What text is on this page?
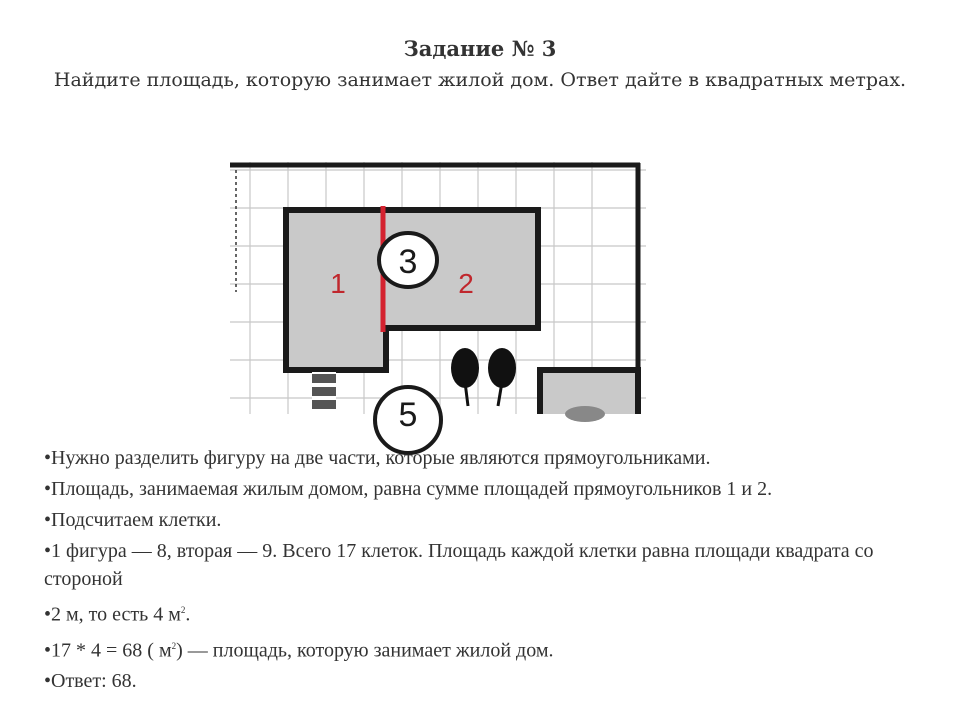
Задание № 3
Найдите площадь, которую занимает жилой дом. Ответ дайте в квадратных метрах.
3
1	2
5
•Нужно разделить фигуру на две части, которые являются прямоугольниками.
•Площадь, занимаемая жилым домом, равна сумме площадей прямоугольников 1 и 2.
•Подсчитаем клетки.
•1 фигура — 8, вторая — 9. Всего 17 клеток. Площадь каждой клетки равна площади квадрата со стороной
•2 м, то есть 4 $м^2$.
•17 * 4 = 68 ( $м^2$) — площадь, которую занимает жилой дом.
•Ответ: 68.
